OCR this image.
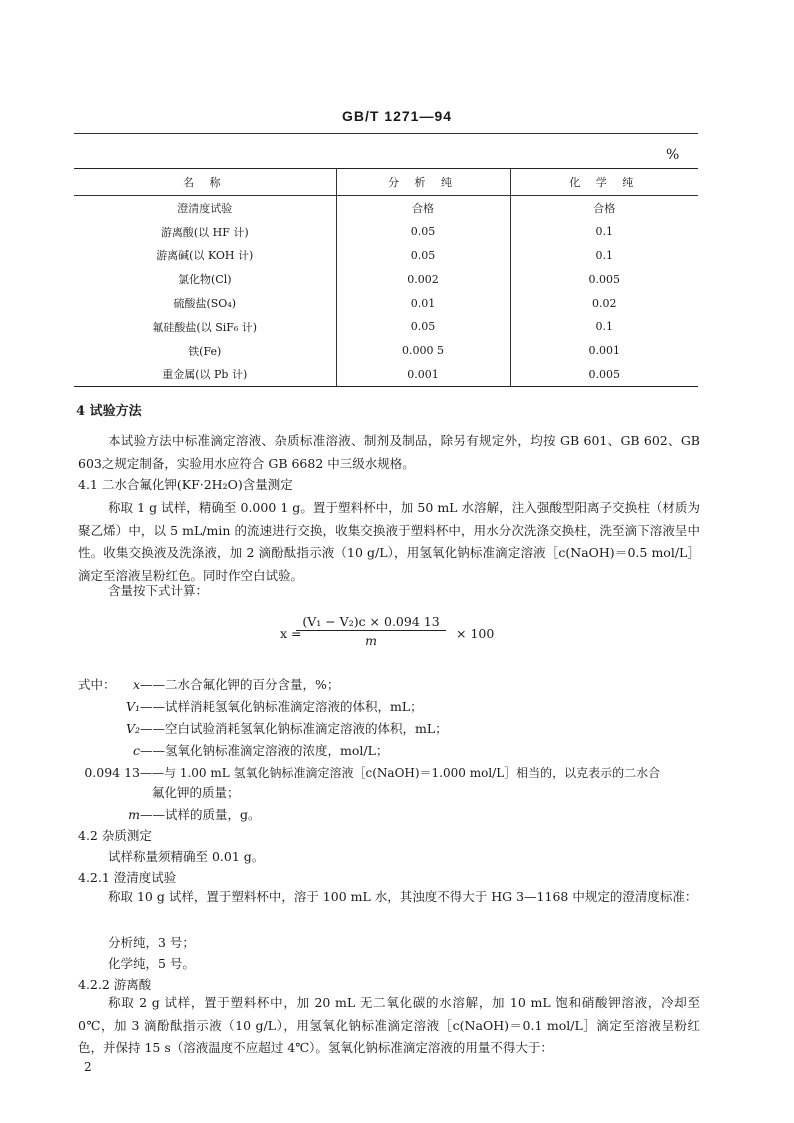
GB/T 1271—94
%
名 称	分 析 纯	化 学 纯
澄清度试验	合格	合格
游离酸(以 HF 计)	0.05	0.1
游离碱(以 KOH 计)	0.05	0.1
氯化物(Cl)	0.002	0.005
硫酸盐(SO₄)	0.01	0.02
氟硅酸盐(以 SiF₆ 计)	0.05	0.1
铁(Fe)	0.000 5	0.001
重金属(以 Pb 计)	0.001	0.005
4 试验方法
本试验方法中标准滴定溶液、杂质标准溶液、制剂及制品，除另有规定外，均按 GB 601、GB 602、GB 603之规定制备，实验用水应符合 GB 6682 中三级水规格。
4.1 二水合氟化钾(KF·2H₂O)含量测定
称取 1 g 试样，精确至 0.000 1 g。置于塑料杯中，加 50 mL 水溶解，注入强酸型阳离子交换柱（材质为聚乙烯）中，以 5 mL/min 的流速进行交换，收集交换液于塑料杯中，用水分次洗涤交换柱，洗至滴下溶液呈中性。收集交换液及洗涤液，加 2 滴酚酞指示液（10 g/L），用氢氧化钠标准滴定溶液［c(NaOH)＝0.5 mol/L］滴定至溶液呈粉红色。同时作空白试验。
含量按下式计算：
x =
$\frac{\text{(V₁ − V₂)c × 0.094 13}}{m} \times 100$
式中：	x ——二水合氟化钾的百分含量，%；
V₁ ——试样消耗氢氧化钠标准滴定溶液的体积，mL；
V₂ ——空白试验消耗氢氧化钠标准滴定溶液的体积，mL；
c ——氢氧化钠标准滴定溶液的浓度，mol/L；
0.094 13 ——与 1.00 mL 氢氧化钠标准滴定溶液［c(NaOH)＝1.000 mol/L］相当的，以克表示的二水合
氟化钾的质量；
m ——试样的质量，g。
4.2 杂质测定
试样称量须精确至 0.01 g。
4.2.1 澄清度试验
称取 10 g 试样，置于塑料杯中，溶于 100 mL 水，其浊度不得大于 HG 3—1168 中规定的澄清度标准：
分析纯，3 号；
化学纯，5 号。
4.2.2 游离酸
称取 2 g 试样，置于塑料杯中，加 20 mL 无二氧化碳的水溶解，加 10 mL 饱和硝酸钾溶液，冷却至 0℃，加 3 滴酚酞指示液（10 g/L），用氢氧化钠标准滴定溶液［c(NaOH)＝0.1 mol/L］滴定至溶液呈粉红色，并保持 15 s（溶液温度不应超过 4℃）。氢氧化钠标准滴定溶液的用量不得大于：
2
